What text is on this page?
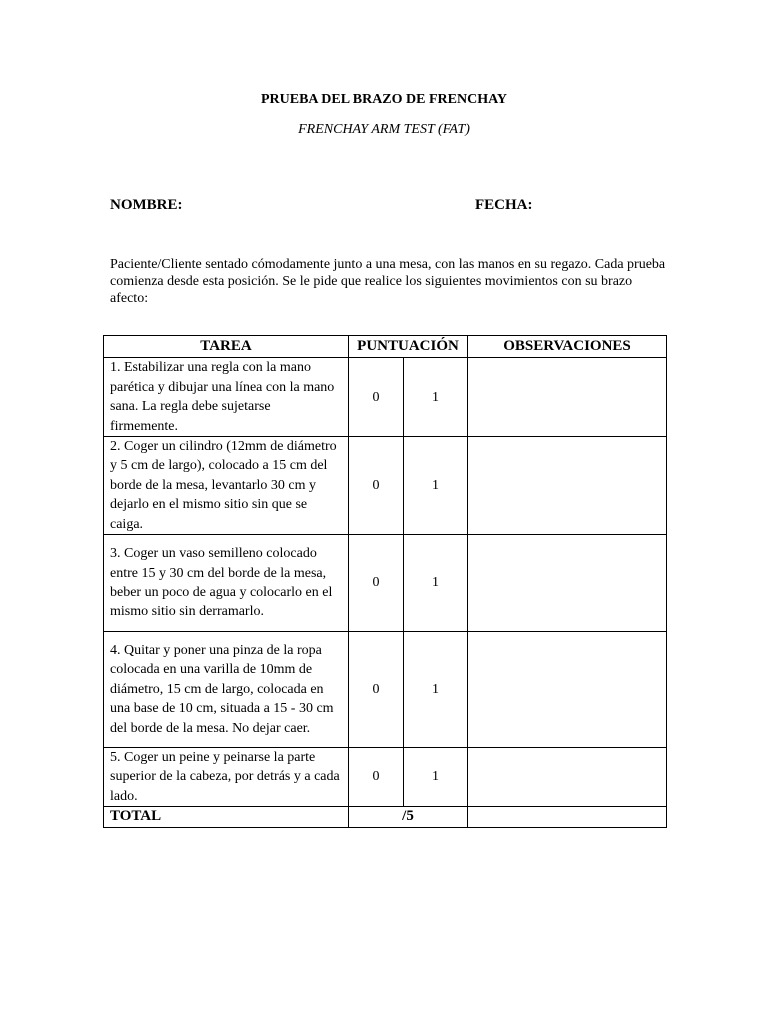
PRUEBA DEL BRAZO DE FRENCHAY
FRENCHAY ARM TEST (FAT)
NOMBRE:	FECHA:
Paciente/Cliente sentado cómodamente junto a una mesa, con las manos en su regazo. Cada prueba comienza desde esta posición. Se le pide que realice los siguientes movimientos con su brazo afecto:
TAREA	PUNTUACIÓN		OBSERVACIONES
1. Estabilizar una regla con la mano parética y dibujar una línea con la mano sana. La regla debe sujetarse firmemente.	0	1	
2. Coger un cilindro (12mm de diámetro y 5 cm de largo), colocado a 15 cm del borde de la mesa, levantarlo 30 cm y dejarlo en el mismo sitio sin que se caiga.	0	1	
3. Coger un vaso semilleno colocado entre 15 y 30 cm del borde de la mesa, beber un poco de agua y colocarlo en el mismo sitio sin derramarlo.	0	1	
4. Quitar y poner una pinza de la ropa colocada en una varilla de 10mm de diámetro, 15 cm de largo, colocada en una base de 10 cm, situada a 15 - 30 cm del borde de la mesa. No dejar caer.	0	1	
5. Coger un peine y peinarse la parte superior de la cabeza, por detrás y a cada lado.	0	1	
TOTAL	/5		
